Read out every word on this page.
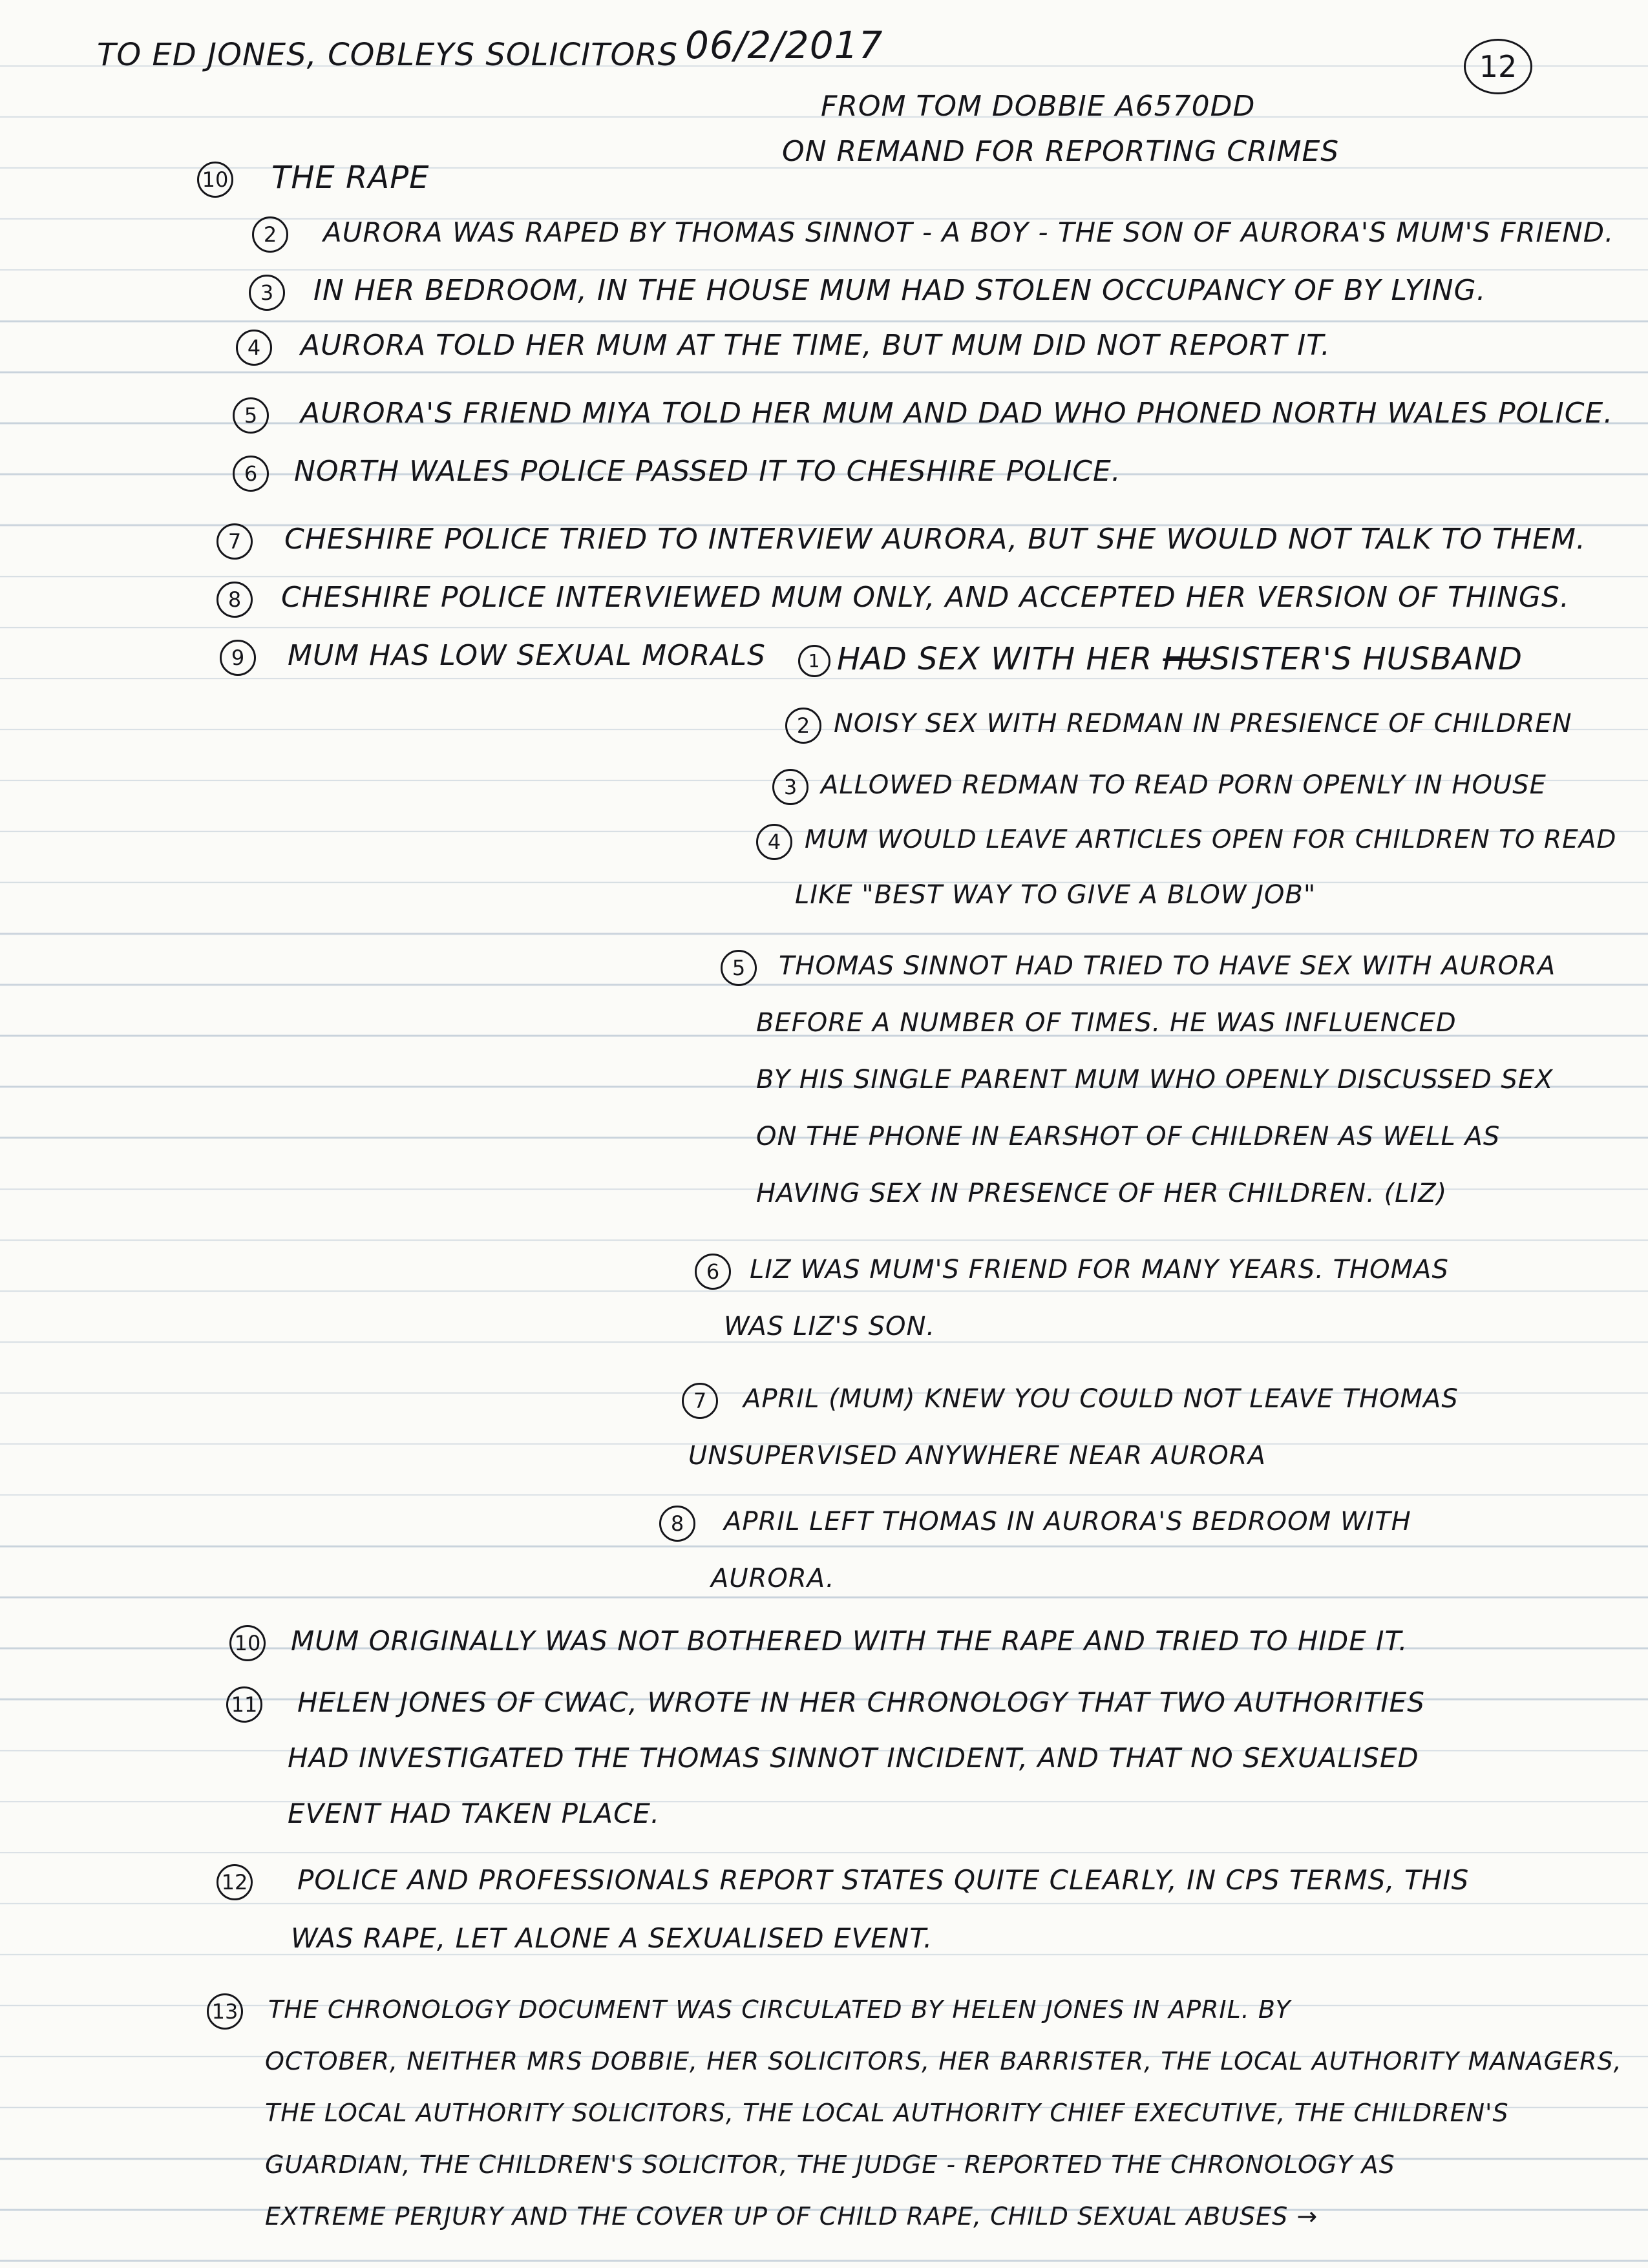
TO ED JONES, COBLEYS SOLICITORS 06/2/2017	12
FROM TOM DOBBIE A6570DD
ON REMAND FOR REPORTING CRIMES
10 THE RAPE
2	AURORA WAS RAPED BY THOMAS SINNOT - A BOY - THE SON OF AURORA'S MUM'S FRIEND.
3	IN HER BEDROOM, IN THE HOUSE MUM HAD STOLEN OCCUPANCY OF BY LYING.
4	AURORA TOLD HER MUM AT THE TIME, BUT MUM DID NOT REPORT IT.
5	AURORA'S FRIEND MIYA TOLD HER MUM AND DAD WHO PHONED NORTH WALES POLICE.
6	NORTH WALES POLICE PASSED IT TO CHESHIRE POLICE.
7	CHESHIRE POLICE TRIED TO INTERVIEW AURORA, BUT SHE WOULD NOT TALK TO THEM.
8	CHESHIRE POLICE INTERVIEWED MUM ONLY, AND ACCEPTED HER VERSION OF THINGS.
9	MUM HAS LOW SEXUAL MORALS	1 HAD SEX WITH HER HUSISTER'S HUSBAND
2 NOISY SEX WITH REDMAN IN PRESIENCE OF CHILDREN
3 ALLOWED REDMAN TO READ PORN OPENLY IN HOUSE
4 MUM WOULD LEAVE ARTICLES OPEN FOR CHILDREN TO READ
LIKE "BEST WAY TO GIVE A BLOW JOB"
5	THOMAS SINNOT HAD TRIED TO HAVE SEX WITH AURORA
BEFORE A NUMBER OF TIMES. HE WAS INFLUENCED
BY HIS SINGLE PARENT MUM WHO OPENLY DISCUSSED SEX
ON THE PHONE IN EARSHOT OF CHILDREN AS WELL AS
HAVING SEX IN PRESENCE OF HER CHILDREN. (LIZ)
6	LIZ WAS MUM'S FRIEND FOR MANY YEARS. THOMAS
WAS LIZ'S SON.
7	APRIL (MUM) KNEW YOU COULD NOT LEAVE THOMAS
UNSUPERVISED ANYWHERE NEAR AURORA
8	APRIL LEFT THOMAS IN AURORA'S BEDROOM WITH
AURORA.
10 MUM ORIGINALLY WAS NOT BOTHERED WITH THE RAPE AND TRIED TO HIDE IT.
11 HELEN JONES OF CWAC, WROTE IN HER CHRONOLOGY THAT TWO AUTHORITIES
HAD INVESTIGATED THE THOMAS SINNOT INCIDENT, AND THAT NO SEXUALISED
EVENT HAD TAKEN PLACE.
12 POLICE AND PROFESSIONALS REPORT STATES QUITE CLEARLY, IN CPS TERMS, THIS
WAS RAPE, LET ALONE A SEXUALISED EVENT.
13 THE CHRONOLOGY DOCUMENT WAS CIRCULATED BY HELEN JONES IN APRIL. BY
OCTOBER, NEITHER MRS DOBBIE, HER SOLICITORS, HER BARRISTER, THE LOCAL AUTHORITY MANAGERS,
THE LOCAL AUTHORITY SOLICITORS, THE LOCAL AUTHORITY CHIEF EXECUTIVE, THE CHILDREN'S
GUARDIAN, THE CHILDREN'S SOLICITOR, THE JUDGE - REPORTED THE CHRONOLOGY AS
EXTREME PERJURY AND THE COVER UP OF CHILD RAPE, CHILD SEXUAL ABUSES →
